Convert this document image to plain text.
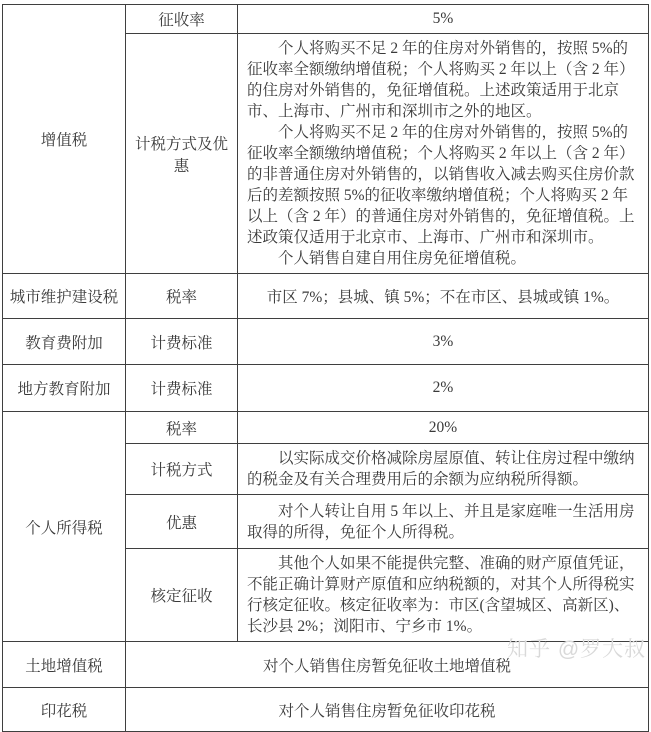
增值税	征收率	5%
	计税方式及优惠	个人将购买不足 2 年的住房对外销售的，按照 5%的征收率全额缴纳增值税；个人将购买 2 年以上（含 2 年）的住房对外销售的，免征增值税。上述政策适用于北京市、上海市、广州市和深圳市之外的地区。

个人将购买不足 2 年的住房对外销售的，按照 5%的征收率全额缴纳增值税；个人将购买 2 年以上（含 2 年）的非普通住房对外销售的，以销售收入减去购买住房价款后的差额按照 5%的征收率缴纳增值税；个人将购买 2 年以上（含 2 年）的普通住房对外销售的，免征增值税。上述政策仅适用于北京市、上海市、广州市和深圳市。

个人销售自建自用住房免征增值税。

城市维护建设税	税率	市区 7%；县城、镇 5%；不在市区、县城或镇 1%。
教育费附加	计费标准	3%
地方教育附加	计费标准	2%
个人所得税	税率	20%
	计税方式	以实际成交价格减除房屋原值、转让住房过程中缴纳的税金及有关合理费用后的余额为应纳税所得额。

	优惠	对个人转让自用 5 年以上、并且是家庭唯一生活用房取得的所得，免征个人所得税。

	核定征收	其他个人如果不能提供完整、准确的财产原值凭证，不能正确计算财产原值和应纳税额的，对其个人所得税实行核定征收。核定征收率为：市区(含望城区、高新区)、长沙县 2%；浏阳市、宁乡市 1%。

土地增值税	对个人销售住房暂免征收土地增值税	
印花税	对个人销售住房暂免征收印花税	
知乎 @罗大叔
